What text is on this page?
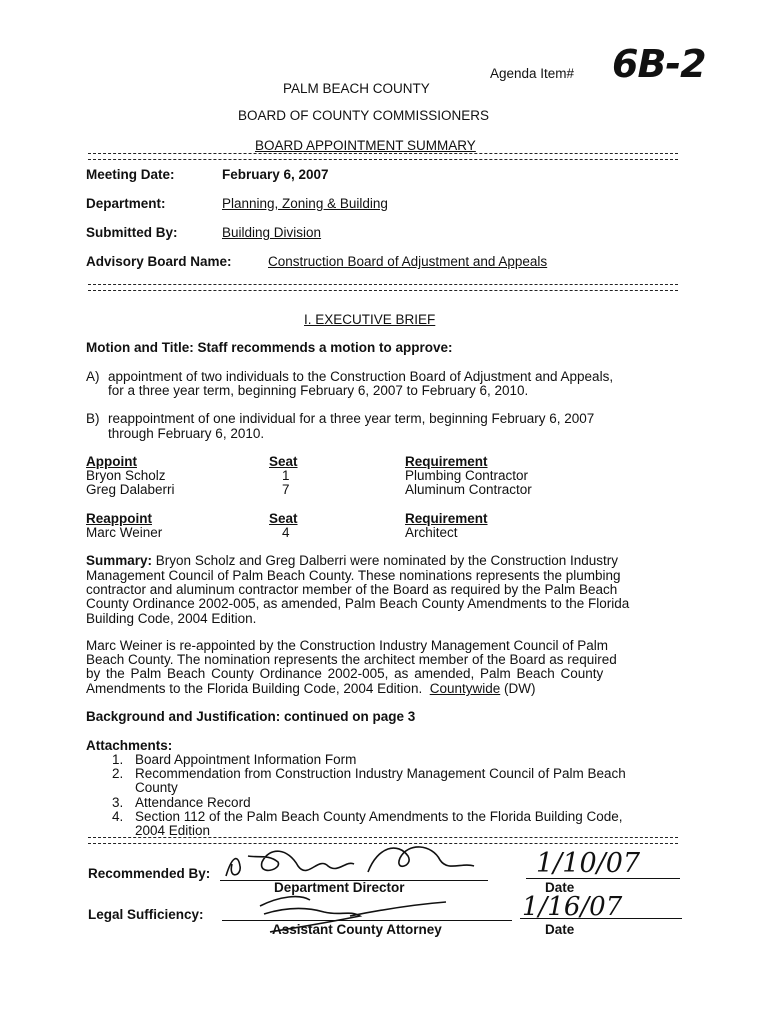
Agenda Item# 6B-2
PALM BEACH COUNTY
BOARD OF COUNTY COMMISSIONERS
BOARD APPOINTMENT SUMMARY
Meeting Date:	February 6, 2007
Department:	Planning, Zoning & Building
Submitted By:	Building Division
Advisory Board Name:	Construction Board of Adjustment and Appeals
I. EXECUTIVE BRIEF
Motion and Title: Staff recommends a motion to approve:
A) appointment of two individuals to the Construction Board of Adjustment and Appeals,
for a three year term, beginning February 6, 2007 to February 6, 2010.
B) reappointment of one individual for a three year term, beginning February 6, 2007
through February 6, 2010.
Appoint	Seat	Requirement
Bryon Scholz	1	Plumbing Contractor
Greg Dalaberri	7	Aluminum Contractor
Reappoint	Seat	Requirement
Marc Weiner	4	Architect
Summary: Bryon Scholz and Greg Dalberri were nominated by the Construction Industry
Management Council of Palm Beach County. These nominations represents the plumbing
contractor and aluminum contractor member of the Board as required by the Palm Beach
County Ordinance 2002-005, as amended, Palm Beach County Amendments to the Florida
Building Code, 2004 Edition.
Marc Weiner is re-appointed by the Construction Industry Management Council of Palm
Beach County. The nomination represents the architect member of the Board as required
by the Palm Beach County Ordinance 2002-005, as amended, Palm Beach County
Amendments to the Florida Building Code, 2004 Edition.  Countywide (DW)
Background and Justification: continued on page 3
Attachments:
1. Board Appointment Information Form
2. Recommendation from Construction Industry Management Council of Palm Beach
County
3. Attendance Record
4. Section 112 of the Palm Beach County Amendments to the Florida Building Code,
2004 Edition
Recommended By:
Department Director	Date
1/10/07
Legal Sufficiency:
Assistant County Attorney	Date
1/16/07
